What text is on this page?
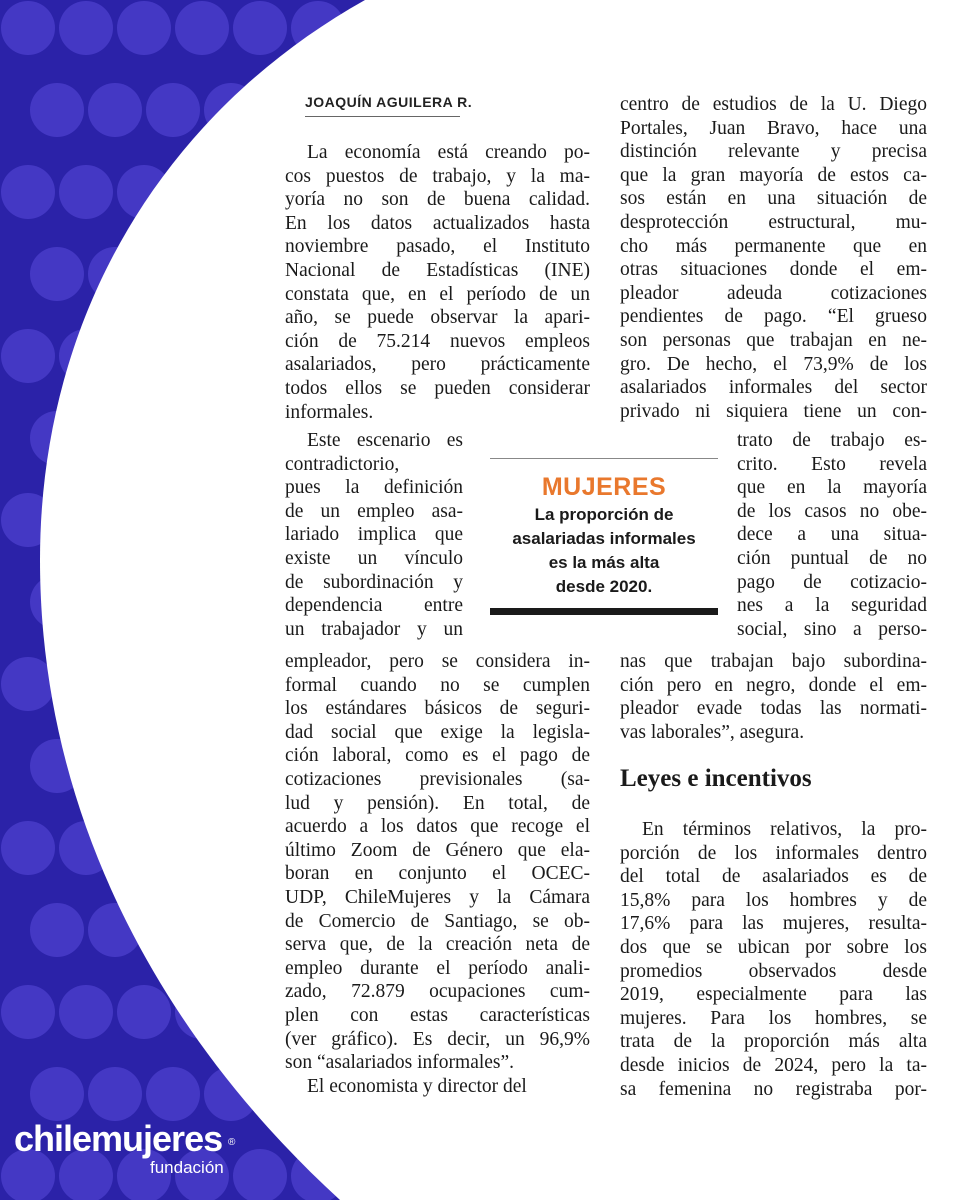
JOAQUÍN AGUILERA R.
La economía está creando po-
cos puestos de trabajo, y la ma-
yoría no son de buena calidad.
En los datos actualizados hasta
noviembre pasado, el Instituto
Nacional de Estadísticas (INE)
constata que, en el período de un
año, se puede observar la apari-
ción de 75.214 nuevos empleos
asalariados, pero prácticamente
todos ellos se pueden considerar
informales.
Este escenario es
contradictorio,
pues la definición
de un empleo asa-
lariado implica que
existe un vínculo
de subordinación y
dependencia entre
un trabajador y un
empleador, pero se considera in-
formal cuando no se cumplen
los estándares básicos de seguri-
dad social que exige la legisla-
ción laboral, como es el pago de
cotizaciones previsionales (sa-
lud y pensión). En total, de
acuerdo a los datos que recoge el
último Zoom de Género que ela-
boran en conjunto el OCEC-
UDP, ChileMujeres y la Cámara
de Comercio de Santiago, se ob-
serva que, de la creación neta de
empleo durante el período anali-
zado, 72.879 ocupaciones cum-
plen con estas características
(ver gráfico). Es decir, un 96,9%
son “asalariados informales”.
El economista y director del
centro de estudios de la U. Diego
Portales, Juan Bravo, hace una
distinción relevante y precisa
que la gran mayoría de estos ca-
sos están en una situación de
desprotección estructural, mu-
cho más permanente que en
otras situaciones donde el em-
pleador adeuda cotizaciones
pendientes de pago. “El grueso
son personas que trabajan en ne-
gro. De hecho, el 73,9% de los
asalariados informales del sector
privado ni siquiera tiene un con-
trato de trabajo es-
crito. Esto revela
que en la mayoría
de los casos no obe-
dece a una situa-
ción puntual de no
pago de cotizacio-
nes a la seguridad
social, sino a perso-
nas que trabajan bajo subordina-
ción pero en negro, donde el em-
pleador evade todas las normati-
vas laborales”, asegura.
En términos relativos, la pro-
porción de los informales dentro
del total de asalariados es de
15,8% para los hombres y de
17,6% para las mujeres, resulta-
dos que se ubican por sobre los
promedios observados desde
2019, especialmente para las
mujeres. Para los hombres, se
trata de la proporción más alta
desde inicios de 2024, pero la ta-
sa femenina no registraba por-
Leyes e incentivos
MUJERES
La proporción de
asalariadas informales
es la más alta
desde 2020.
chilemujeres ®
fundación
